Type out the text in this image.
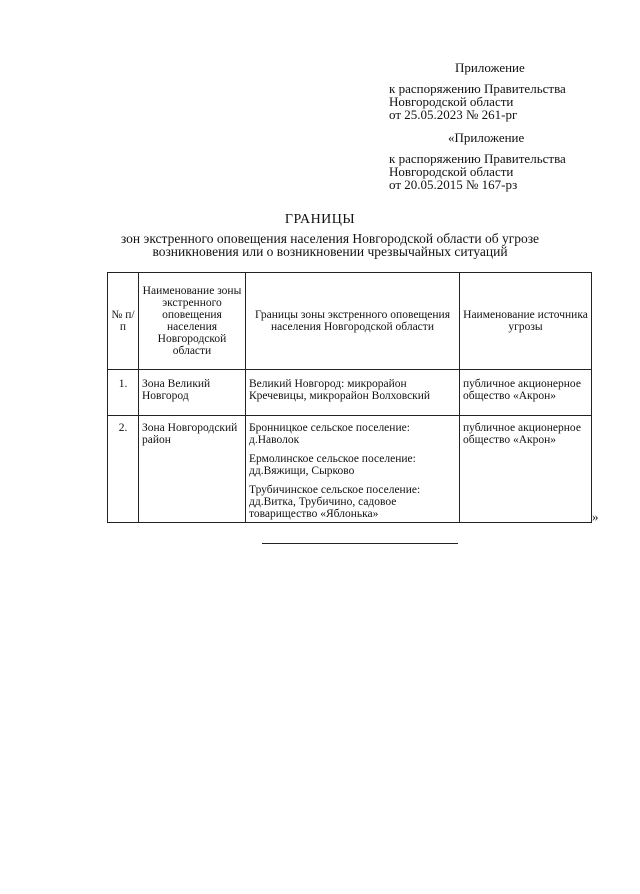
Приложение
к распоряжению Правительства
Новгородской области
от 25.05.2023 № 261-рг
«Приложение
к распоряжению Правительства
Новгородской области
от 20.05.2015 № 167-рз
ГРАНИЦЫ
зон экстренного оповещения населения Новгородской области об угрозе возникновения или о возникновении чрезвычайных ситуаций
№ п/п	Наименование зоны экстренного оповещения населения Новгородской области	Границы зоны экстренного оповещения населения Новгородской области	Наименование источника угрозы
1.	Зона Великий Новгород	Великий Новгород: микрорайон Кречевицы, микрорайон Волховский	публичное акционерное общество «Акрон»
2.	Зона Новгородский район	Бронницкое сельское поселение: д.Наволок
Ермолинское сельское поселение: дд.Вяжищи, Сырково
Трубичинское сельское поселение: дд.Витка, Трубичино, садовое товарищество «Яблонька»	публичное акционерное общество «Акрон»
»
